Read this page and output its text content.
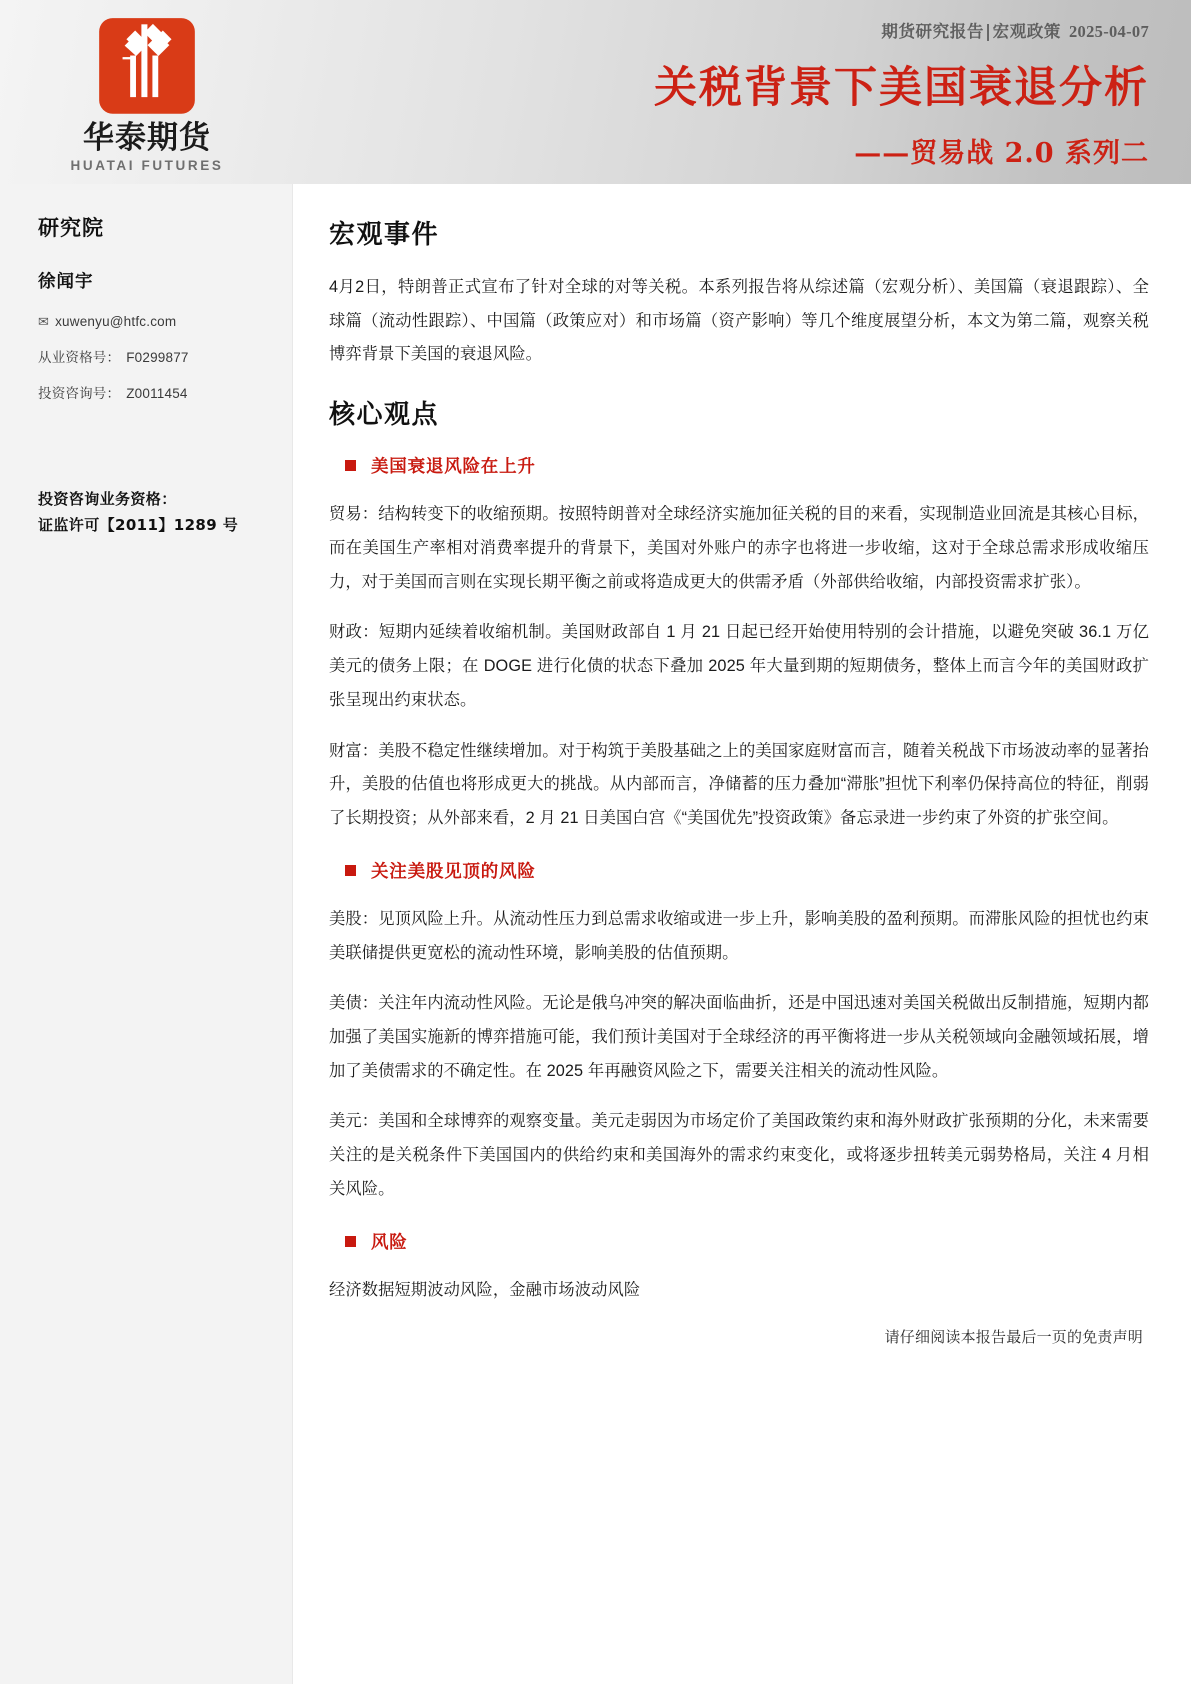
华泰期货
HUATAI FUTURES
期货研究报告|宏观政策 2025-04-07
关税背景下美国衰退分析
——贸易战 2.0 系列二
研究院
徐闻宇
✉ xuwenyu@htfc.com
从业资格号： F0299877
投资咨询号： Z0011454
投资咨询业务资格：
证监许可【2011】1289 号
宏观事件

4月2日，特朗普正式宣布了针对全球的对等关税。本系列报告将从综述篇（宏观分析）、美国篇（衰退跟踪）、全球篇（流动性跟踪）、中国篇（政策应对）和市场篇（资产影响）等几个维度展望分析，本文为第二篇，观察关税博弈背景下美国的衰退风险。

核心观点
美国衰退风险在上升

贸易：结构转变下的收缩预期。按照特朗普对全球经济实施加征关税的目的来看，实现制造业回流是其核心目标，而在美国生产率相对消费率提升的背景下，美国对外账户的赤字也将进一步收缩，这对于全球总需求形成收缩压力，对于美国而言则在实现长期平衡之前或将造成更大的供需矛盾（外部供给收缩，内部投资需求扩张）。

财政：短期内延续着收缩机制。美国财政部自 1 月 21 日起已经开始使用特别的会计措施，以避免突破 36.1 万亿美元的债务上限；在 DOGE 进行化债的状态下叠加 2025 年大量到期的短期债务，整体上而言今年的美国财政扩张呈现出约束状态。

财富：美股不稳定性继续增加。对于构筑于美股基础之上的美国家庭财富而言，随着关税战下市场波动率的显著抬升，美股的估值也将形成更大的挑战。从内部而言，净储蓄的压力叠加“滞胀”担忧下利率仍保持高位的特征，削弱了长期投资；从外部来看，2 月 21 日美国白宫《“美国优先”投资政策》备忘录进一步约束了外资的扩张空间。

关注美股见顶的风险

美股：见顶风险上升。从流动性压力到总需求收缩或进一步上升，影响美股的盈利预期。而滞胀风险的担忧也约束美联储提供更宽松的流动性环境，影响美股的估值预期。

美债：关注年内流动性风险。无论是俄乌冲突的解决面临曲折，还是中国迅速对美国关税做出反制措施，短期内都加强了美国实施新的博弈措施可能，我们预计美国对于全球经济的再平衡将进一步从关税领域向金融领域拓展，增加了美债需求的不确定性。在 2025 年再融资风险之下，需要关注相关的流动性风险。

美元：美国和全球博弈的观察变量。美元走弱因为市场定价了美国政策约束和海外财政扩张预期的分化，未来需要关注的是关税条件下美国国内的供给约束和美国海外的需求约束变化，或将逐步扭转美元弱势格局，关注 4 月相关风险。

风险

经济数据短期波动风险，金融市场波动风险

请仔细阅读本报告最后一页的免责声明
